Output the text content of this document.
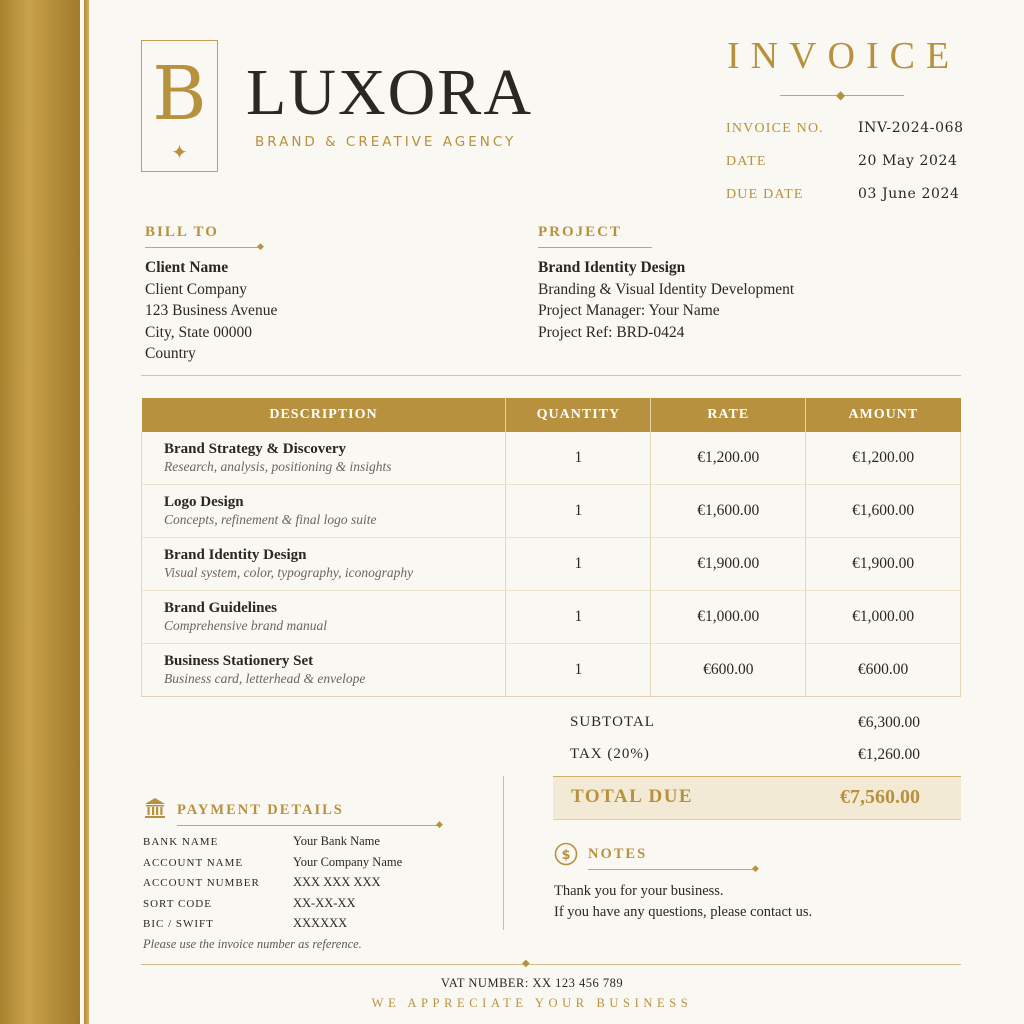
B
✦
LUXORA
BRAND & CREATIVE AGENCY
INVOICE
◆
INVOICE NO. INV-2024-068
DATE	20 May 2024
DUE DATE	03 June 2024
BILL TO
◆
Client Name
Client Company
123 Business Avenue
City, State 00000
Country
PROJECT
Brand Identity Design
Branding & Visual Identity Development
Project Manager: Your Name
Project Ref: BRD-0424
DESCRIPTION	QUANTITY	RATE	AMOUNT

Brand Strategy & Discovery
Research, analysis, positioning & insights	1	€1,200.00	€1,200.00

Logo Design
Concepts, refinement & final logo suite	1	€1,600.00	€1,600.00

Brand Identity Design
Visual system, color, typography, iconography	1	€1,900.00	€1,900.00

Brand Guidelines
Comprehensive brand manual	1	€1,000.00	€1,000.00

Business Stationery Set
Business card, letterhead & envelope	1	€600.00	€600.00
SUBTOTAL	€6,300.00
TAX (20%)	€1,260.00
TOTAL DUE	€7,560.00
PAYMENT DETAILS
◆
BANK NAME	Your Bank Name
ACCOUNT NAME	Your Company Name
ACCOUNT NUMBER	XXX XXX XXX
SORT CODE	XX-XX-XX
BIC / SWIFT	XXXXXX
Please use the invoice number as reference.
$ NOTES
◆
Thank you for your business.
If you have any questions, please contact us.
◆
VAT NUMBER: XX 123 456 789
WE APPRECIATE YOUR BUSINESS
